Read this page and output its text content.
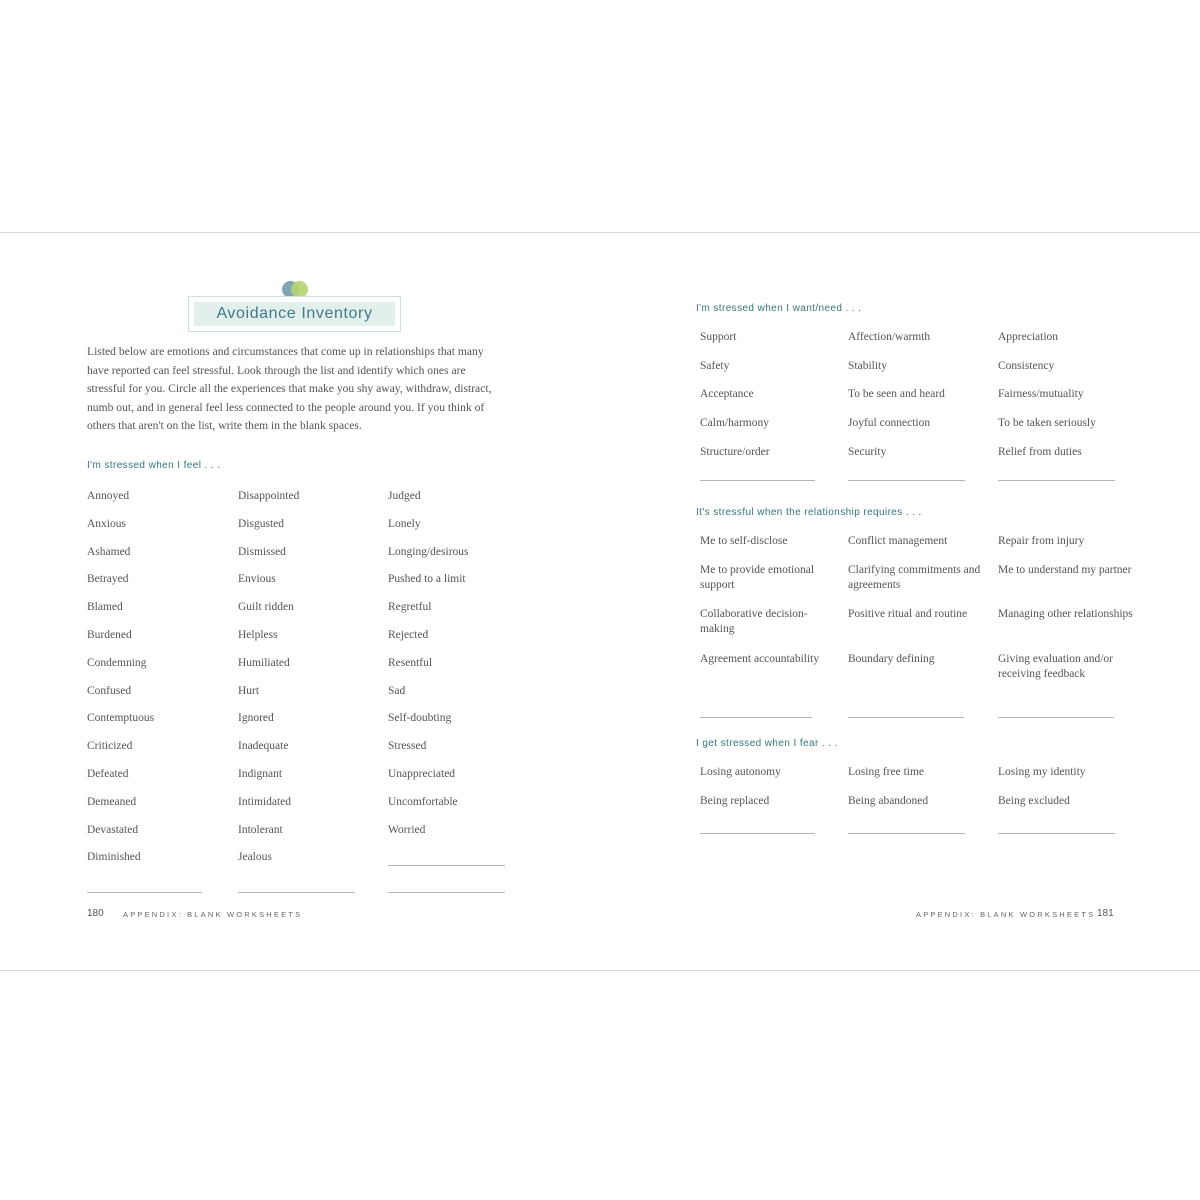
Avoidance Inventory
Listed below are emotions and circumstances that come up in relationships that many have reported can feel stressful. Look through the list and identify which ones are stressful for you. Circle all the experiences that make you shy away, withdraw, distract, numb out, and in general feel less connected to the people around you. If you think of others that aren't on the list, write them in the blank spaces.

I'm stressed when I feel . . .

Annoyed
Anxious
Ashamed
Betrayed
Blamed
Burdened
Condemning
Confused
Contemptuous
Criticized
Defeated
Demeaned
Devastated
Diminished
Disappointed
Disgusted
Dismissed
Envious
Guilt ridden
Helpless
Humiliated
Hurt
Ignored
Inadequate
Indignant
Intimidated
Intolerant
Jealous
Judged
Lonely
Longing/desirous
Pushed to a limit
Regretful
Rejected
Resentful
Sad
Self-doubting
Stressed
Unappreciated
Uncomfortable
Worried
180	APPENDIX: BLANK WORKSHEETS

I'm stressed when I want/need . . .

Support
Safety
Acceptance
Calm/harmony
Structure/order
Affection/warmth
Stability
To be seen and heard
Joyful connection
Security
Appreciation
Consistency
Fairness/mutuality
To be taken seriously
Relief from duties

It's stressful when the relationship requires . . .

Me to self-disclose
Me to provide emotional support
Collaborative decision-making
Agreement accountability
Conflict management
Clarifying commitments and agreements
Positive ritual and routine
Boundary defining
Repair from injury
Me to understand my partner
Managing other relationships
Giving evaluation and/or receiving feedback

I get stressed when I fear . . .

Losing autonomy
Being replaced
Losing free time
Being abandoned
Losing my identity
Being excluded
APPENDIX: BLANK WORKSHEETS 181
